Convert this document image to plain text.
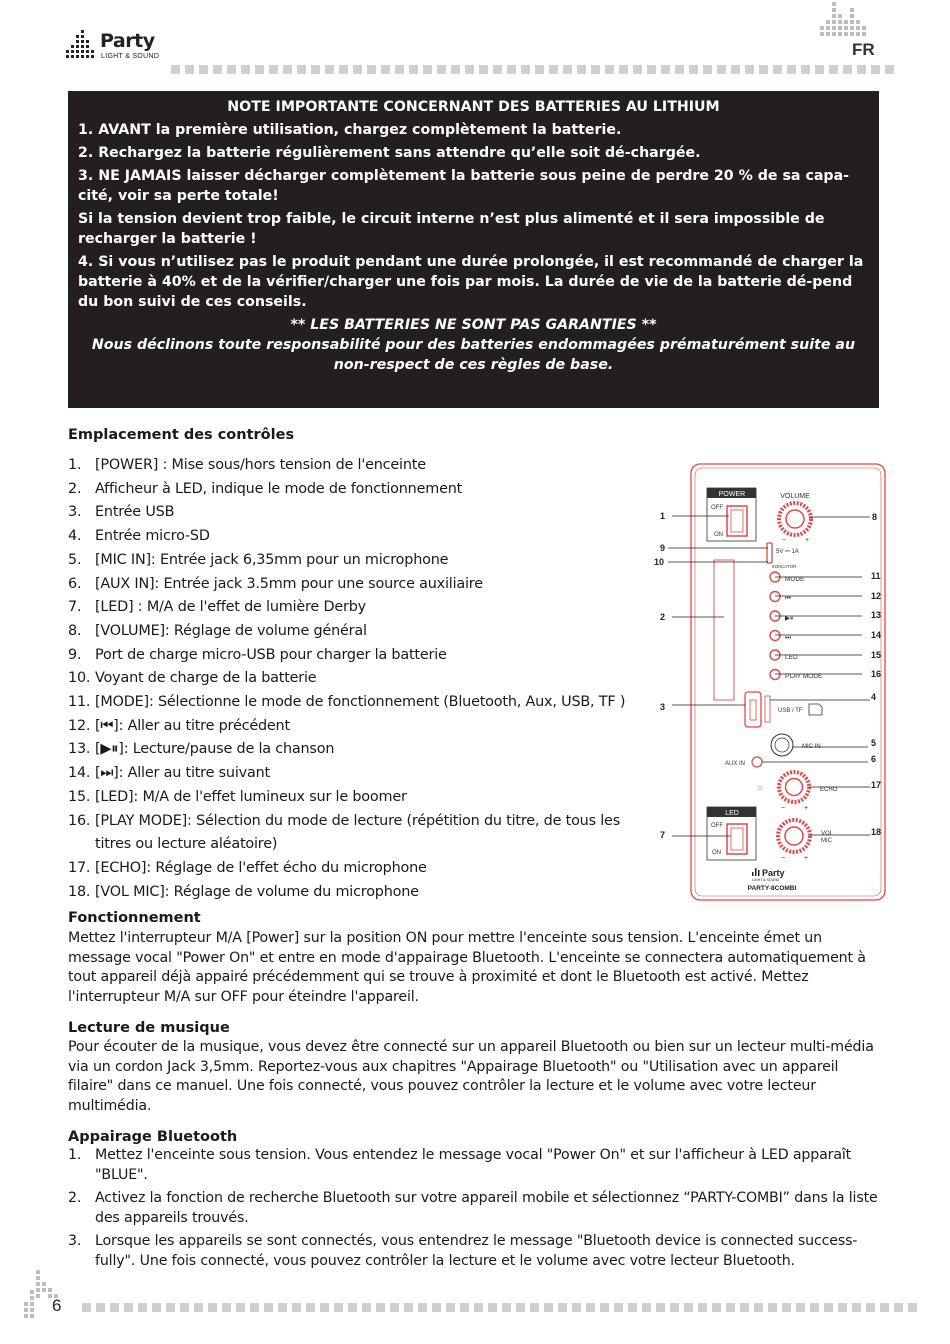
Party
LIGHT & SOUND	FR
NOTE IMPORTANTE CONCERNANT DES BATTERIES AU LITHIUM

1. AVANT la première utilisation, chargez complètement la batterie.

2. Rechargez la batterie régulièrement sans attendre qu’elle soit dé-chargée.

3. NE JAMAIS laisser décharger complètement la batterie sous peine de perdre 20 % de sa capa-cité, voir sa perte totale!

Si la tension devient trop faible, le circuit interne n’est plus alimenté et il sera impossible de recharger la batterie !

4. Si vous n’utilisez pas le produit pendant une durée prolongée, il est recommandé de charger la batterie à 40% et de la vérifier/charger une fois par mois. La durée de vie de la batterie dé-pend du bon suivi de ces conseils.

** LES BATTERIES NE SONT PAS GARANTIES **

Nous déclinons toute responsabilité pour des batteries endommagées prématurément suite au non-respect de ces règles de base.

Emplacement des contrôles
1. [POWER] : Mise sous/hors tension de l'enceinte
2. Afficheur à LED, indique le mode de fonctionnement
3. Entrée USB
4. Entrée micro-SD
5. [MIC IN]: Entrée jack 6,35mm pour un microphone
6. [AUX IN]: Entrée jack 3.5mm pour une source auxiliaire
7. [LED] : M/A de l'effet de lumière Derby
8. [VOLUME]: Réglage de volume général
9. Port de charge micro-USB pour charger la batterie
10. Voyant de charge de la batterie
11. [MODE]: Sélectionne le mode de fonctionnement (Bluetooth, Aux, USB, TF )
12. [⏮]: Aller au titre précédent
13. [▶⏸]: Lecture/pause de la chanson
14. [⏭]: Aller au titre suivant
15. [LED]: M/A de l'effet lumineux sur le boomer
16. [PLAY MODE]: Sélection du mode de lecture (répétition du titre, de tous les titres ou lecture aléatoire)
17. [ECHO]: Réglage de l'effet écho du microphone
18. [VOL MIC]: Réglage de volume du microphone
POWER
OFF
ON
VOLUME
−	+
5V ⎓ 1A
INDICATOR
MODE
⏮
▶⏸
⏭
LED
PLAY MODE
USB / TF
MIC IN
AUX IN
ECHO
−	+
LED
OFF
ON
VOL
MIC
−	+
Party
LIGHT & SOUND
PARTY-8COMBI
1
2
3
7
9
10
8
11
12
13
14
15
16
4
5
6
17
18
Fonctionnement
Mettez l'interrupteur M/A [Power] sur la position ON pour mettre l'enceinte sous tension. L'enceinte émet un message vocal "Power On" et entre en mode d'appairage Bluetooth. L'enceinte se connectera automatiquement à tout appareil déjà appairé précédemment qui se trouve à proximité et dont le Bluetooth est activé. Mettez l'interrupteur M/A sur OFF pour éteindre l'appareil.
Lecture de musique
Pour écouter de la musique, vous devez être connecté sur un appareil Bluetooth ou bien sur un lecteur multi-média via un cordon Jack 3,5mm. Reportez-vous aux chapitres "Appairage Bluetooth" ou "Utilisation avec un appareil filaire" dans ce manuel. Une fois connecté, vous pouvez contrôler la lecture et le volume avec votre lecteur multimédia.
Appairage Bluetooth
1. Mettez l'enceinte sous tension. Vous entendez le message vocal "Power On" et sur l'afficheur à LED apparaît "BLUE".
2. Activez la fonction de recherche Bluetooth sur votre appareil mobile et sélectionnez “PARTY-COMBI” dans la liste des appareils trouvés.
3. Lorsque les appareils se sont connectés, vous entendrez le message "Bluetooth device is connected success-fully". Une fois connecté, vous pouvez contrôler la lecture et le volume avec votre lecteur Bluetooth.
6
